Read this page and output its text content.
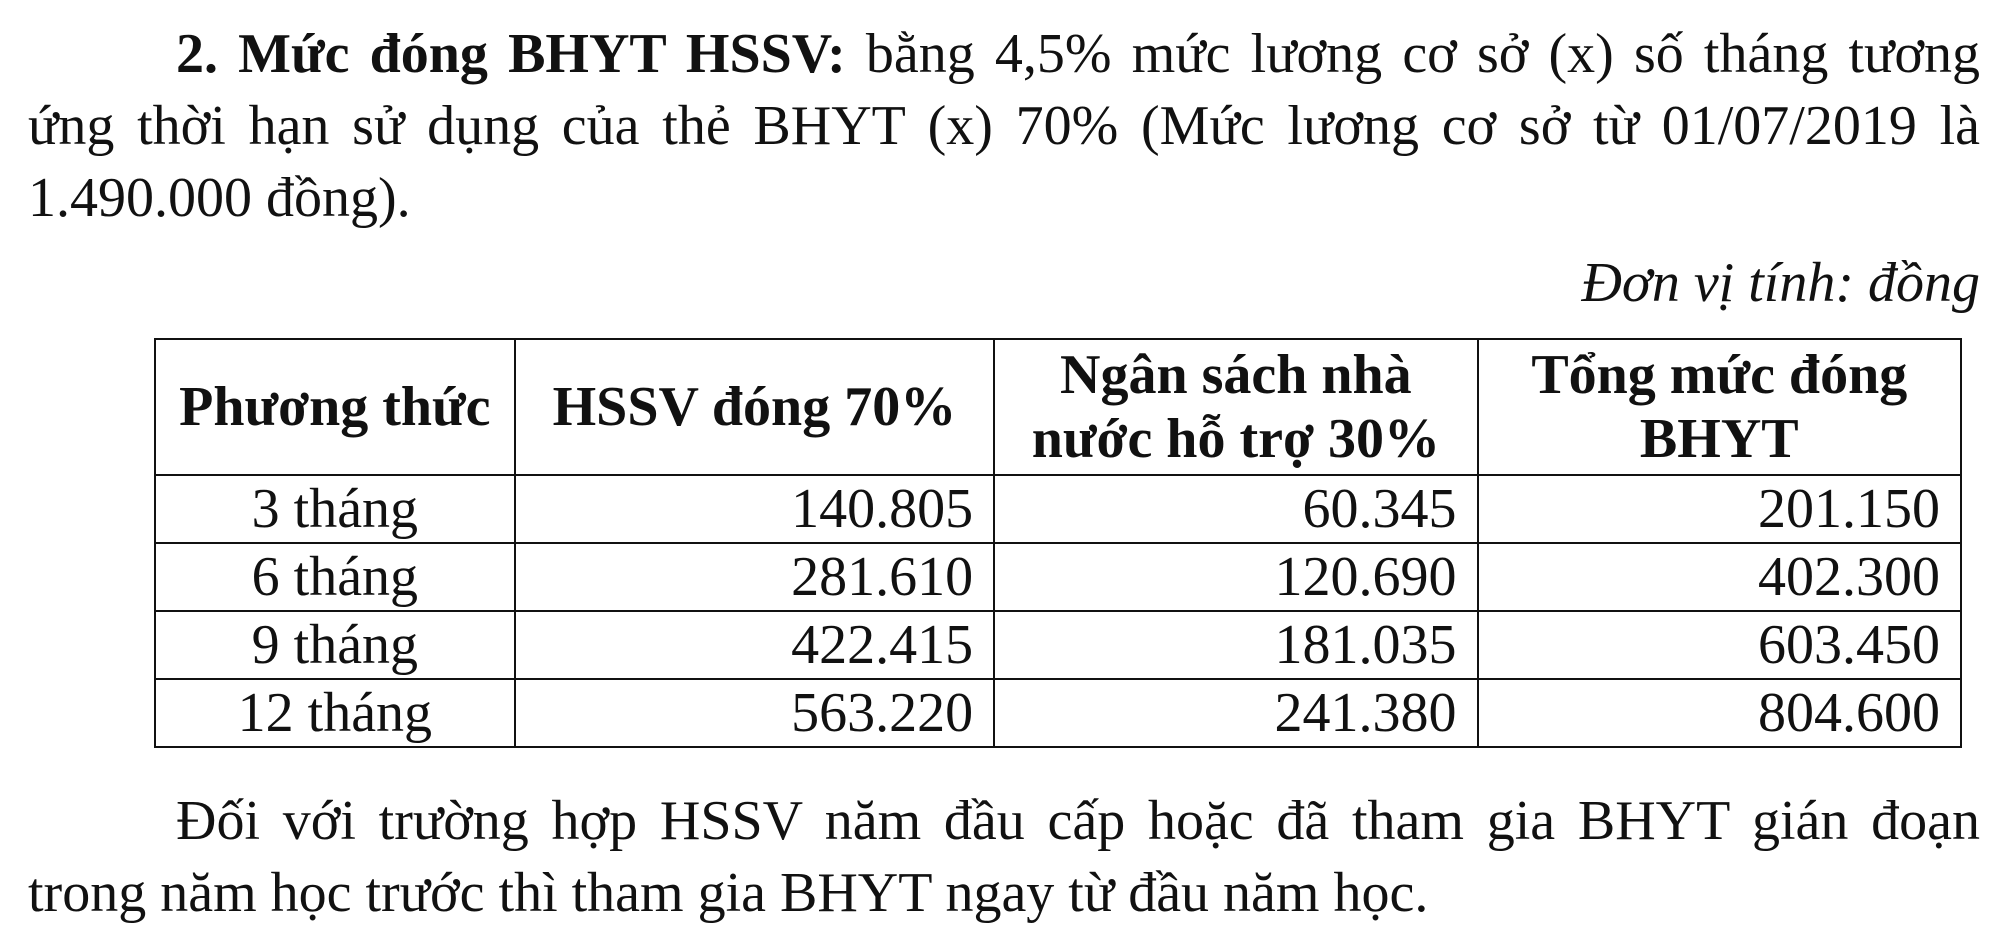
2. Mức đóng BHYT HSSV: bằng 4,5% mức lương cơ sở (x) số tháng tương
ứng thời hạn sử dụng của thẻ BHYT (x) 70% (Mức lương cơ sở từ 01/07/2019 là
1.490.000 đồng).
Đơn vị tính: đồng
Phương thức	HSSV đóng 70%	Ngân sách nhà nước hỗ trợ 30%	Tổng mức đóng BHYT
3 tháng	140.805	60.345	201.150
6 tháng	281.610	120.690	402.300
9 tháng	422.415	181.035	603.450
12 tháng	563.220	241.380	804.600
Đối với trường hợp HSSV năm đầu cấp hoặc đã tham gia BHYT gián đoạn
trong năm học trước thì tham gia BHYT ngay từ đầu năm học.
